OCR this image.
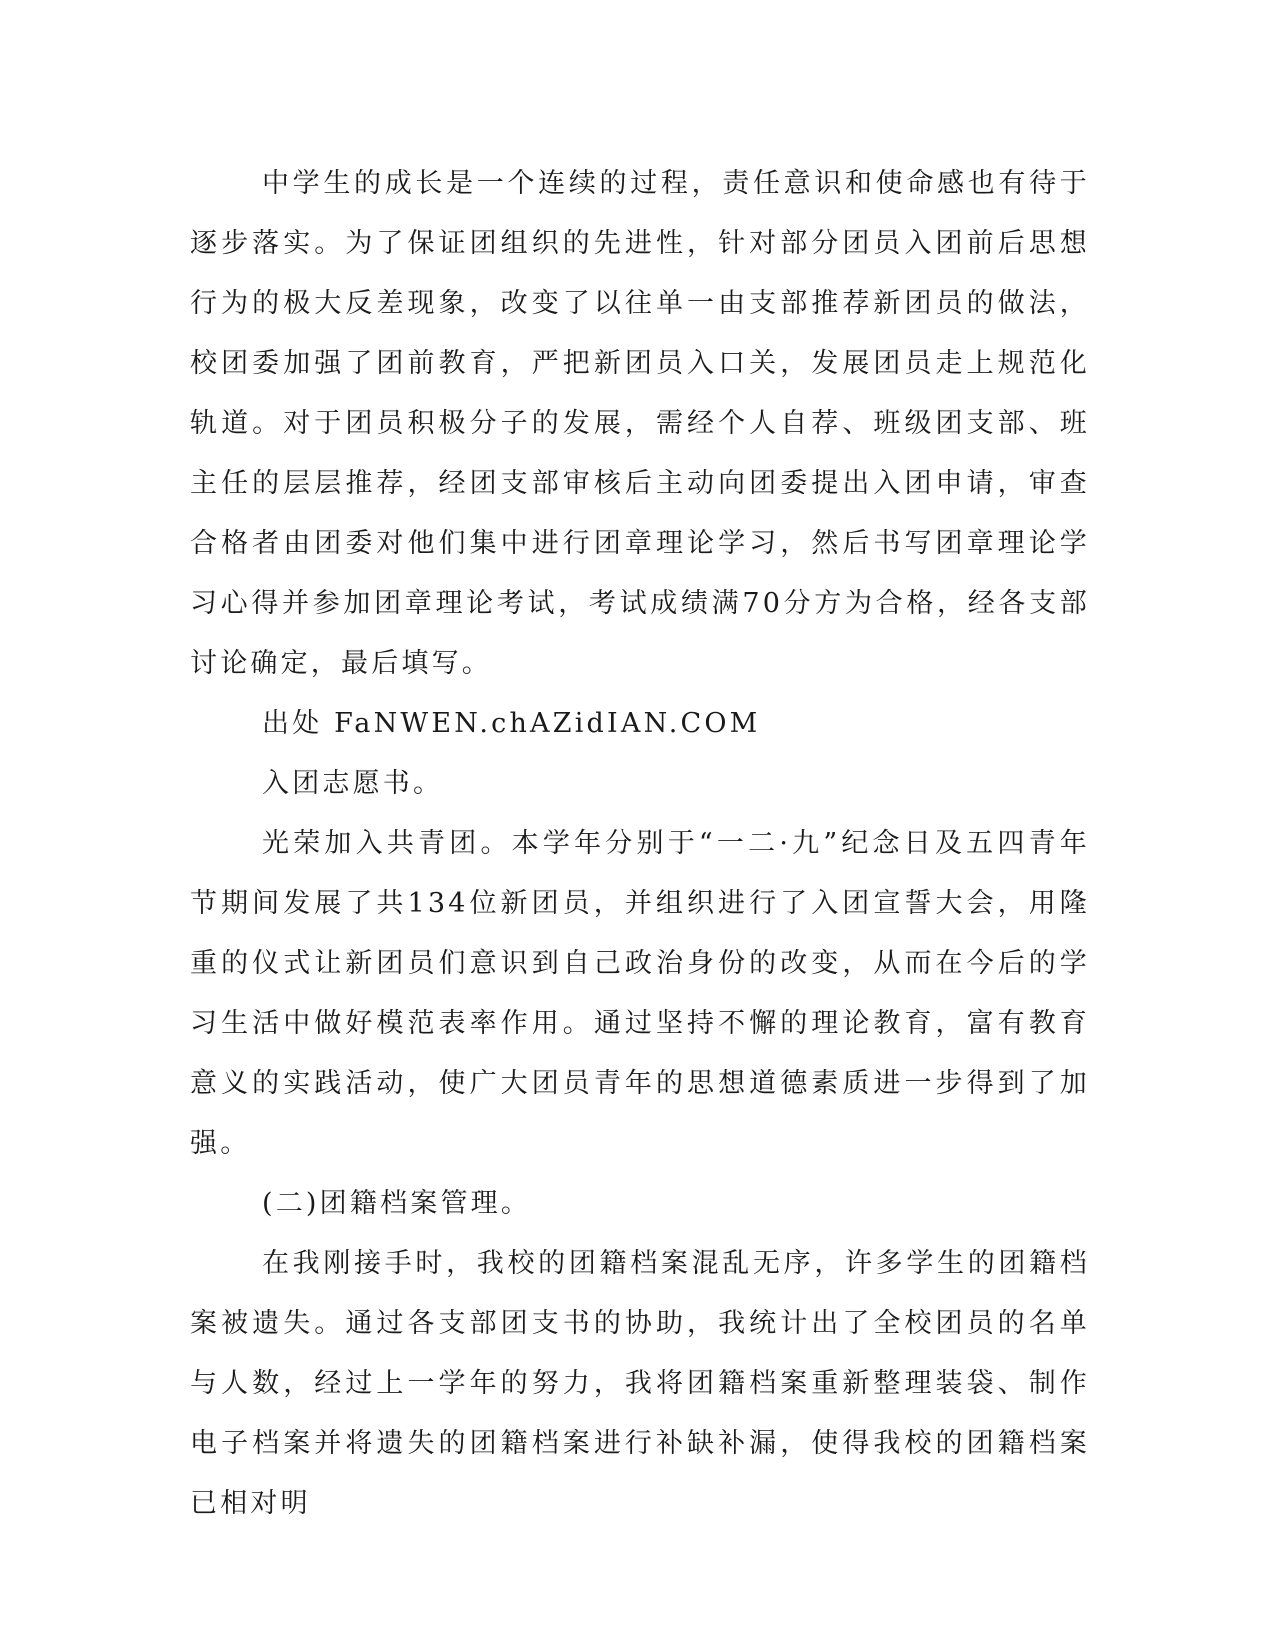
中学生的成长是一个连续的过程，责任意识和使命感也有待于逐步落实。为了保证团组织的先进性，针对部分团员入团前后思想行为的极大反差现象，改变了以往单一由支部推荐新团员的做法，校团委加强了团前教育，严把新团员入口关，发展团员走上规范化轨道。对于团员积极分子的发展，需经个人自荐、班级团支部、班主任的层层推荐，经团支部审核后主动向团委提出入团申请，审查合格者由团委对他们集中进行团章理论学习，然后书写团章理论学习心得并参加团章理论考试，考试成绩满70分方为合格，经各支部讨论确定，最后填写。

出处 FaNWEN.chAZidIAN.COM

入团志愿书。

光荣加入共青团。本学年分别于“一二·九”纪念日及五四青年节期间发展了共134位新团员，并组织进行了入团宣誓大会，用隆重的仪式让新团员们意识到自己政治身份的改变，从而在今后的学习生活中做好模范表率作用。通过坚持不懈的理论教育，富有教育意义的实践活动，使广大团员青年的思想道德素质进一步得到了加强。

(二)团籍档案管理。

在我刚接手时，我校的团籍档案混乱无序，许多学生的团籍档案被遗失。通过各支部团支书的协助，我统计出了全校团员的名单与人数，经过上一学年的努力，我将团籍档案重新整理装袋、制作电子档案并将遗失的团籍档案进行补缺补漏，使得我校的团籍档案已相对明
